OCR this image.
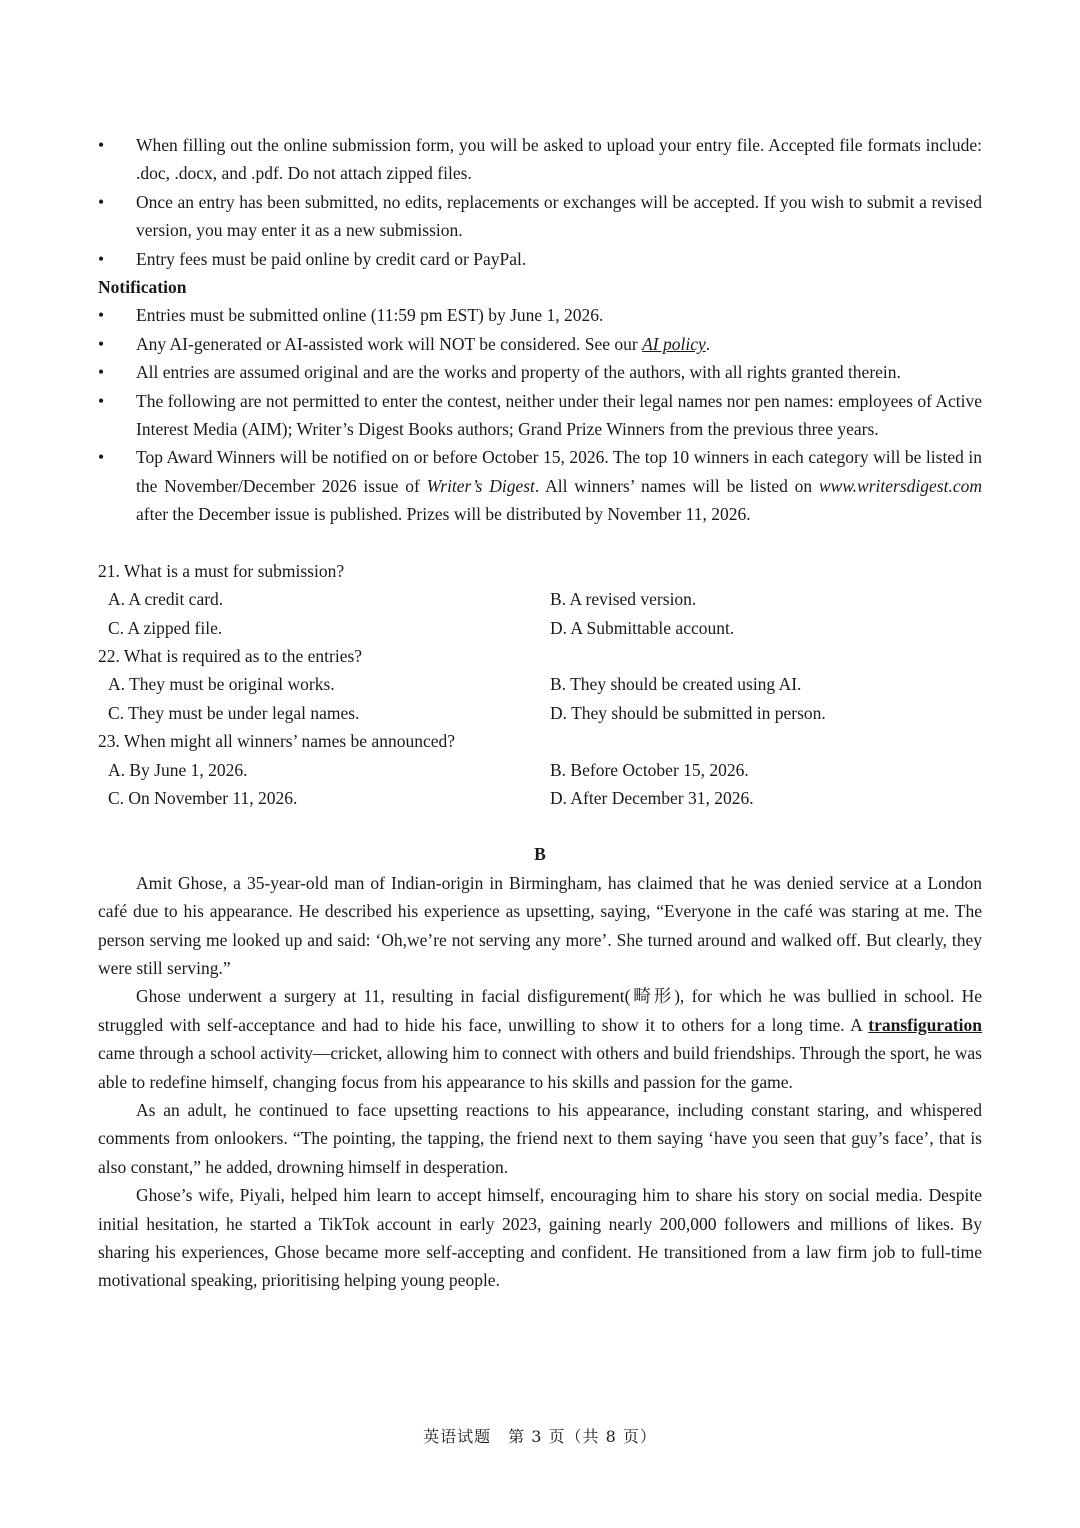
• When filling out the online submission form, you will be asked to upload your entry file. Accepted file formats include: .doc, .docx, and .pdf. Do not attach zipped files.
• Once an entry has been submitted, no edits, replacements or exchanges will be accepted. If you wish to submit a revised version, you may enter it as a new submission.
• Entry fees must be paid online by credit card or PayPal.
Notification
• Entries must be submitted online (11:59 pm EST) by June 1, 2026.
• Any AI-generated or AI-assisted work will NOT be considered. See our AI policy.
• All entries are assumed original and are the works and property of the authors, with all rights granted therein.
• The following are not permitted to enter the contest, neither under their legal names nor pen names: employees of Active Interest Media (AIM); Writer’s Digest Books authors; Grand Prize Winners from the previous three years.
• Top Award Winners will be notified on or before October 15, 2026. The top 10 winners in each category will be listed in the November/December 2026 issue of Writer’s Digest. All winners’ names will be listed on www.writersdigest.com after the December issue is published. Prizes will be distributed by November 11, 2026.
21. What is a must for submission?
A. A credit card.	B. A revised version.
C. A zipped file.	D. A Submittable account.
22. What is required as to the entries?
A. They must be original works.	B. They should be created using AI.
C. They must be under legal names.	D. They should be submitted in person.
23. When might all winners’ names be announced?
A. By June 1, 2026.	B. Before October 15, 2026.
C. On November 11, 2026.	D. After December 31, 2026.
B

Amit Ghose, a 35-year-old man of Indian-origin in Birmingham, has claimed that he was denied service at a London café due to his appearance. He described his experience as upsetting, saying, “Everyone in the café was staring at me. The person serving me looked up and said: ‘Oh,we’re not serving any more’. She turned around and walked off. But clearly, they were still serving.”

Ghose underwent a surgery at 11, resulting in facial disfigurement(畸形), for which he was bullied in school. He struggled with self-acceptance and had to hide his face, unwilling to show it to others for a long time. A transfiguration came through a school activity—cricket, allowing him to connect with others and build friendships. Through the sport, he was able to redefine himself, changing focus from his appearance to his skills and passion for the game.

As an adult, he continued to face upsetting reactions to his appearance, including constant staring, and whispered comments from onlookers. “The pointing, the tapping, the friend next to them saying ‘have you seen that guy’s face’, that is also constant,” he added, drowning himself in desperation.

Ghose’s wife, Piyali, helped him learn to accept himself, encouraging him to share his story on social media. Despite initial hesitation, he started a TikTok account in early 2023, gaining nearly 200,000 followers and millions of likes. By sharing his experiences, Ghose became more self-accepting and confident. He transitioned from a law firm job to full-time motivational speaking, prioritising helping young people.

英语试题　第 3 页（共 8 页）
